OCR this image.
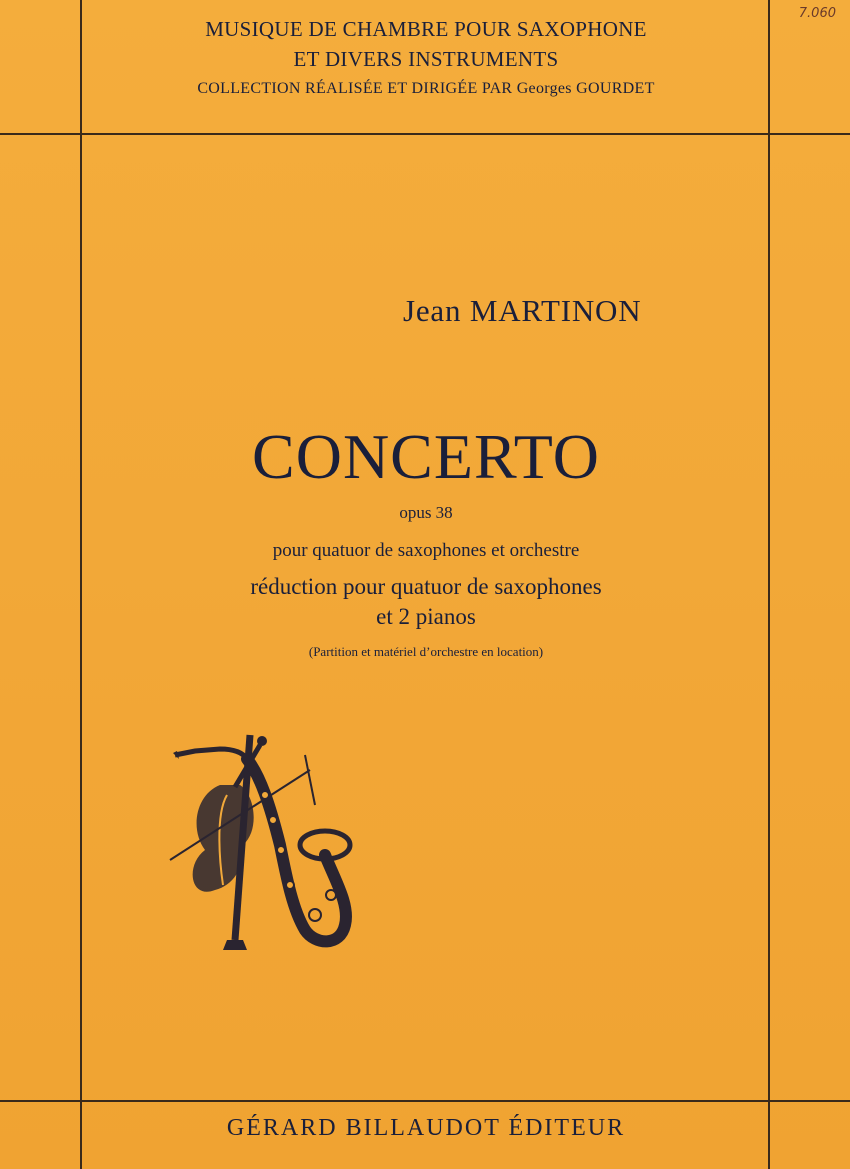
7.060
MUSIQUE DE CHAMBRE POUR SAXOPHONE
ET DIVERS INSTRUMENTS
COLLECTION RÉALISÉE ET DIRIGÉE PAR Georges GOURDET
Jean MARTINON
CONCERTO
opus 38
pour quatuor de saxophones et orchestre
réduction pour quatuor de saxophones
et 2 pianos
(Partition et matériel d’orchestre en location)
GÉRARD BILLAUDOT ÉDITEUR
